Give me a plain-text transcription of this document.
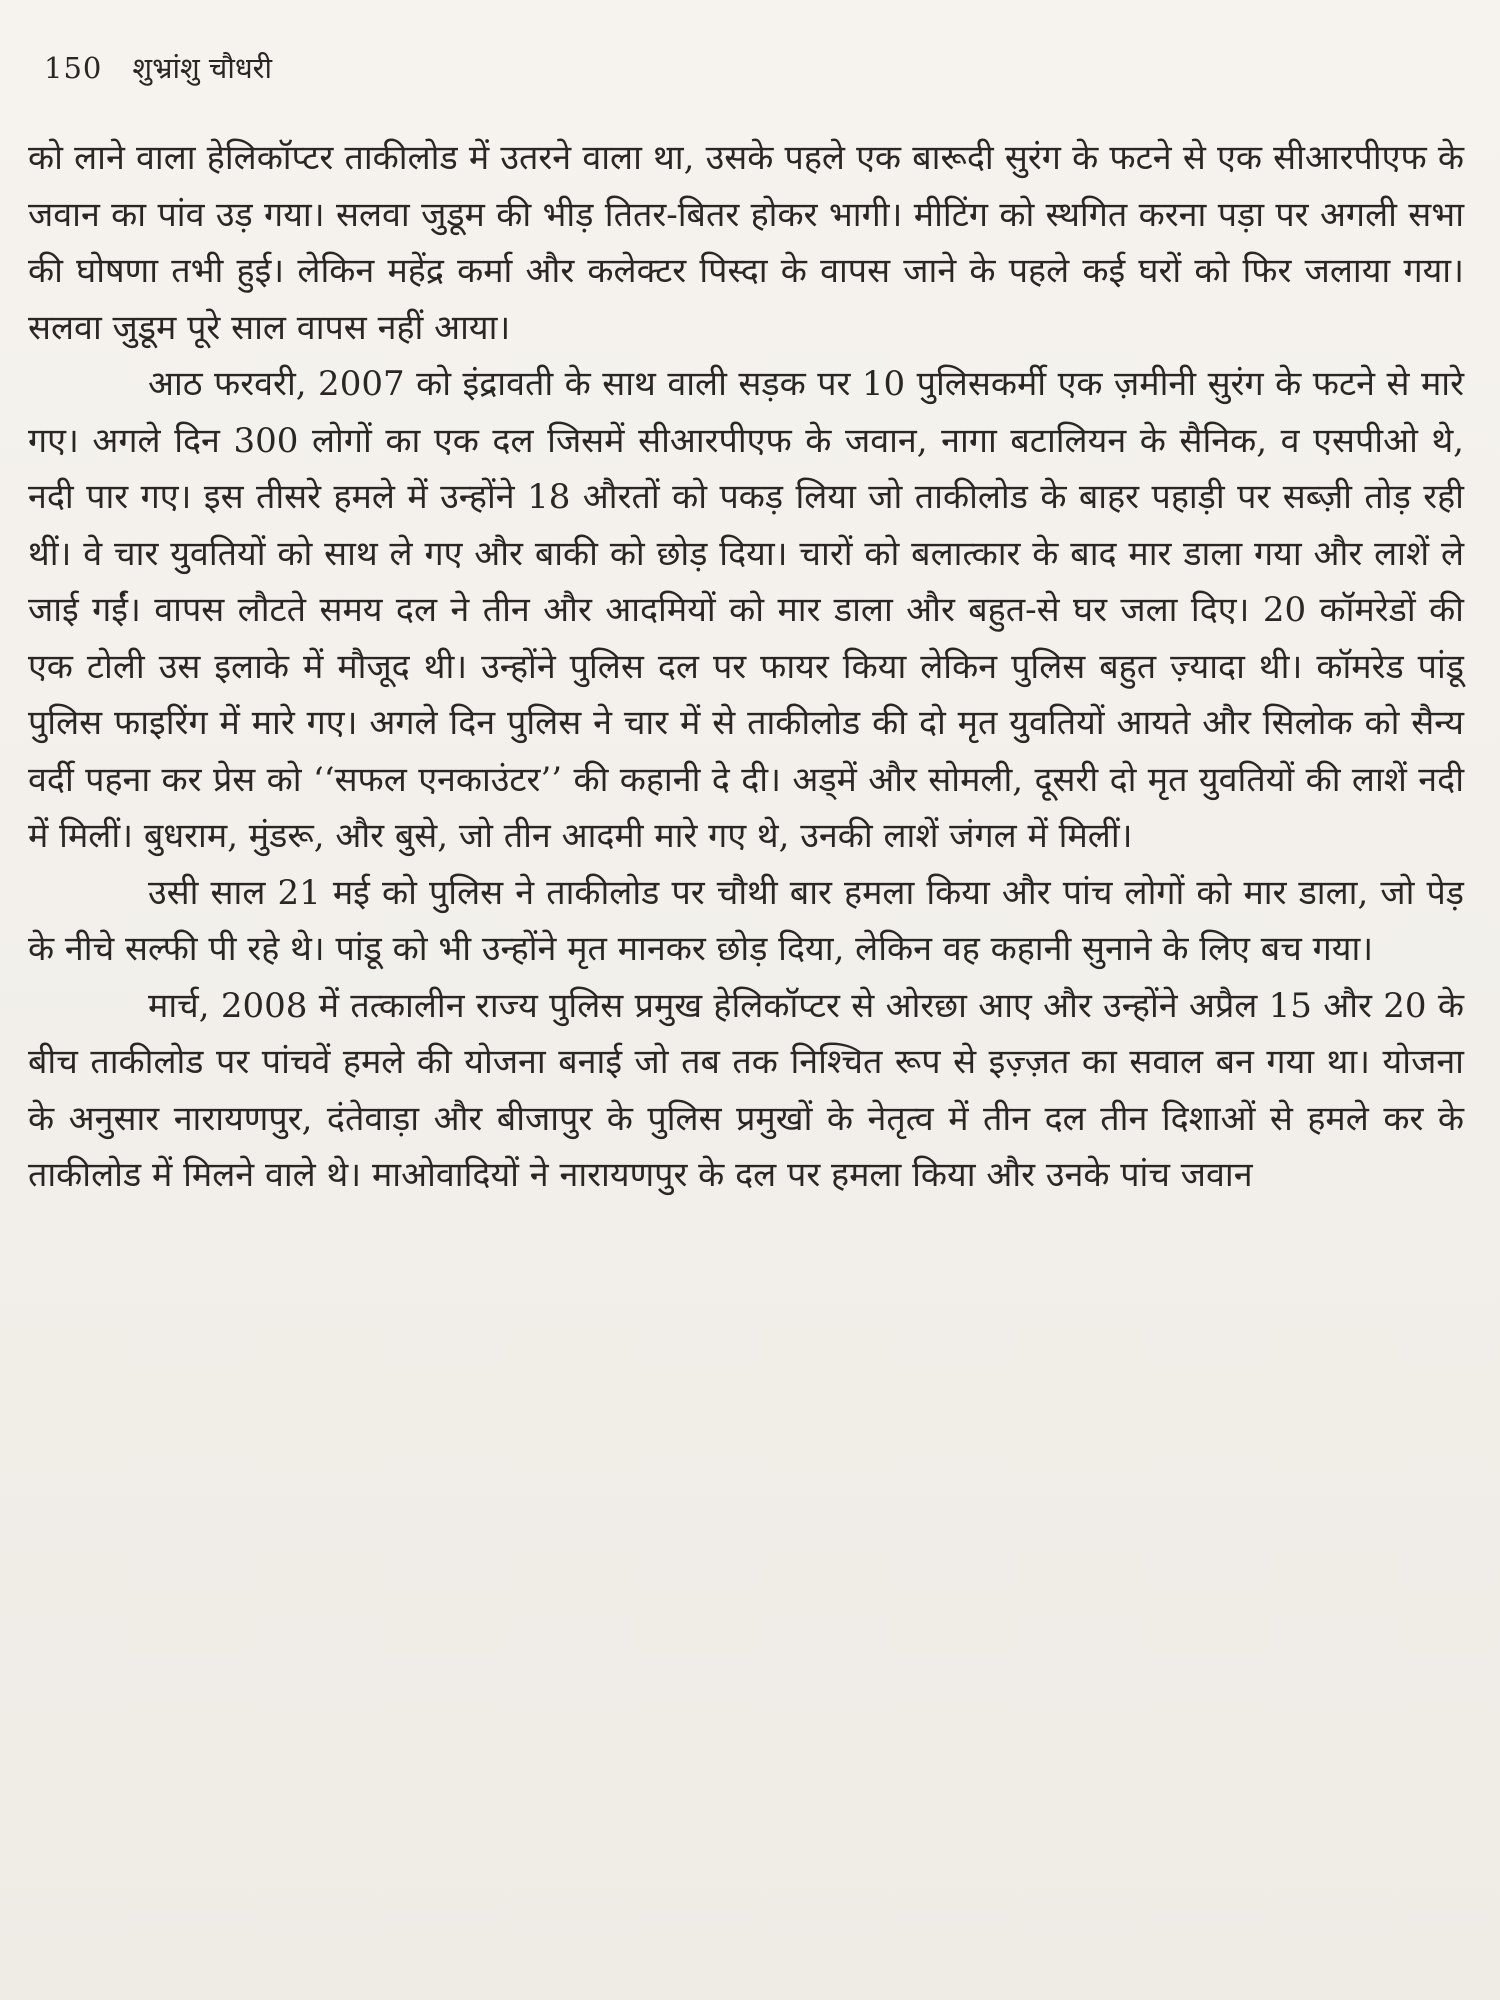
150 शुभ्रांशु चौधरी

को लाने वाला हेलिकॉप्टर ताकीलोड में उतरने वाला था, उसके पहले एक बारूदी सुरंग के फटने से एक सीआरपीएफ के जवान का पांव उड़ गया। सलवा जुडूम की भीड़ तितर-बितर होकर भागी। मीटिंग को स्थगित करना पड़ा पर अगली सभा की घोषणा तभी हुई। लेकिन महेंद्र कर्मा और कलेक्टर पिस्दा के वापस जाने के पहले कई घरों को फिर जलाया गया। सलवा जुडूम पूरे साल वापस नहीं आया।

आठ फरवरी, 2007 को इंद्रावती के साथ वाली सड़क पर 10 पुलिसकर्मी एक ज़मीनी सुरंग के फटने से मारे गए। अगले दिन 300 लोगों का एक दल जिसमें सीआरपीएफ के जवान, नागा बटालियन के सैनिक, व एसपीओ थे, नदी पार गए। इस तीसरे हमले में उन्होंने 18 औरतों को पकड़ लिया जो ताकीलोड के बाहर पहाड़ी पर सब्ज़ी तोड़ रही थीं। वे चार युवतियों को साथ ले गए और बाकी को छोड़ दिया। चारों को बलात्कार के बाद मार डाला गया और लाशें ले जाई गईं। वापस लौटते समय दल ने तीन और आदमियों को मार डाला और बहुत-से घर जला दिए। 20 कॉमरेडों की एक टोली उस इलाके में मौजूद थी। उन्होंने पुलिस दल पर फायर किया लेकिन पुलिस बहुत ज़्यादा थी। कॉमरेड पांडू पुलिस फाइरिंग में मारे गए। अगले दिन पुलिस ने चार में से ताकीलोड की दो मृत युवतियों आयते और सिलोक को सैन्य वर्दी पहना कर प्रेस को ‘‘सफल एनकाउंटर’’ की कहानी दे दी। अड्में और सोमली, दूसरी दो मृत युवतियों की लाशें नदी में मिलीं। बुधराम, मुंडरू, और बुसे, जो तीन आदमी मारे गए थे, उनकी लाशें जंगल में मिलीं।

उसी साल 21 मई को पुलिस ने ताकीलोड पर चौथी बार हमला किया और पांच लोगों को मार डाला, जो पेड़ के नीचे सल्फी पी रहे थे। पांडू को भी उन्होंने मृत मानकर छोड़ दिया, लेकिन वह कहानी सुनाने के लिए बच गया।

मार्च, 2008 में तत्कालीन राज्य पुलिस प्रमुख हेलिकॉप्टर से ओरछा आए और उन्होंने अप्रैल 15 और 20 के बीच ताकीलोड पर पांचवें हमले की योजना बनाई जो तब तक निश्चित रूप से इज़्ज़त का सवाल बन गया था। योजना के अनुसार नारायणपुर, दंतेवाड़ा और बीजापुर के पुलिस प्रमुखों के नेतृत्व में तीन दल तीन दिशाओं से हमले कर के ताकीलोड में मिलने वाले थे। माओवादियों ने नारायणपुर के दल पर हमला किया और उनके पांच जवान
